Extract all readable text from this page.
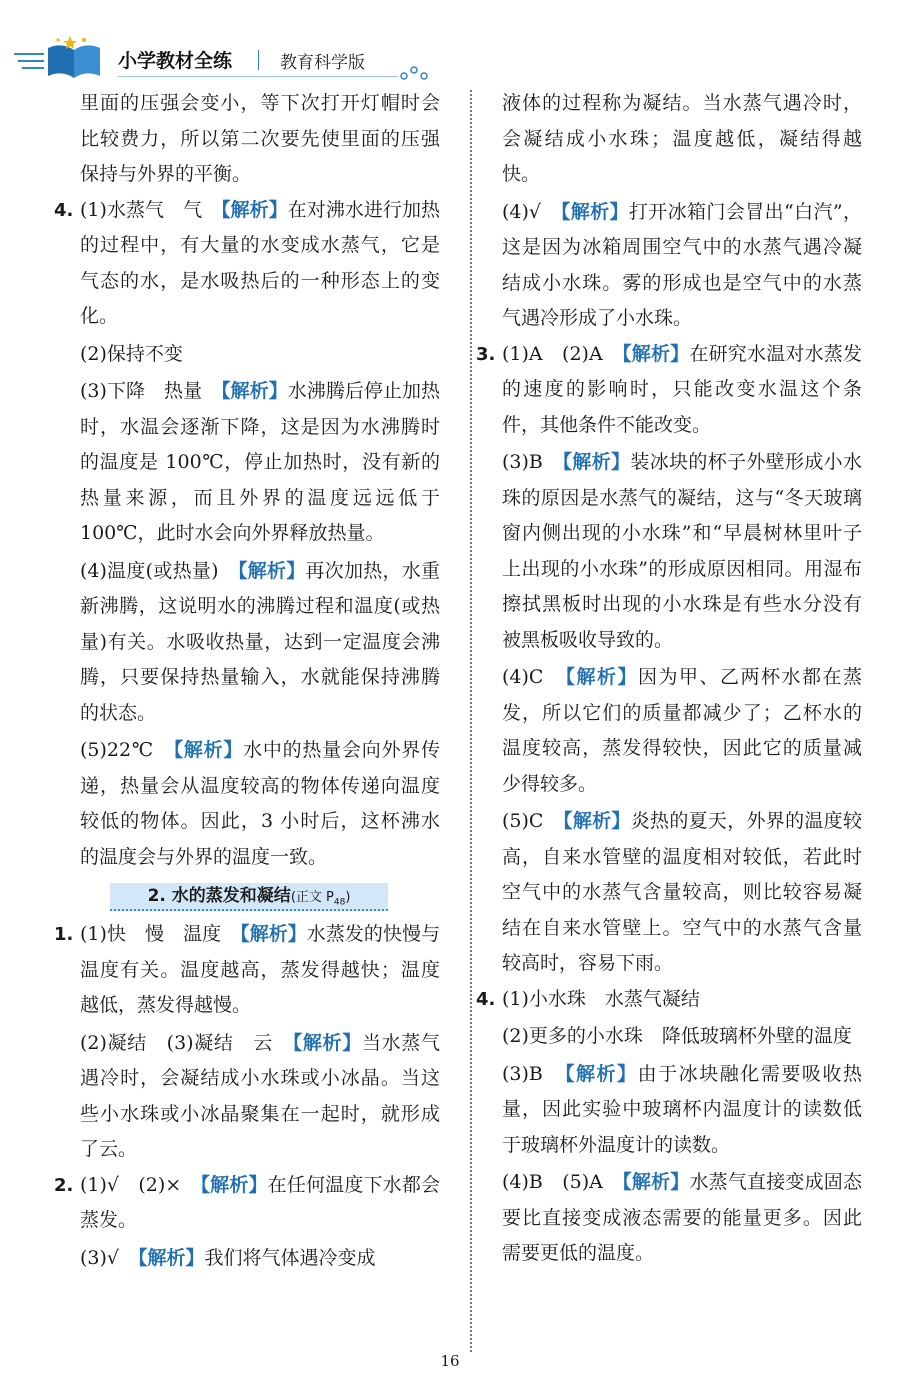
小学教材全练	教育科学版

里面的压强会变小，等下次打开灯帽时会比较费力，所以第二次要先使里面的压强保持与外界的平衡。

4. (1)水蒸气　气　【解析】在对沸水进行加热的过程中，有大量的水变成水蒸气，它是气态的水，是水吸热后的一种形态上的变化。

(2)保持不变

(3)下降　热量　【解析】水沸腾后停止加热时，水温会逐渐下降，这是因为水沸腾时的温度是 100℃，停止加热时，没有新的热量来源，而且外界的温度远远低于 100℃，此时水会向外界释放热量。

(4)温度(或热量)　【解析】再次加热，水重新沸腾，这说明水的沸腾过程和温度(或热量)有关。水吸收热量，达到一定温度会沸腾，只要保持热量输入，水就能保持沸腾的状态。

(5)22℃　【解析】水中的热量会向外界传递，热量会从温度较高的物体传递向温度较低的物体。因此，3 小时后，这杯沸水的温度会与外界的温度一致。

2. 水的蒸发和凝结(正文 $P_{48}$)
1. (1)快　慢　温度　【解析】水蒸发的快慢与温度有关。温度越高，蒸发得越快；温度越低，蒸发得越慢。

(2)凝结　(3)凝结　云　【解析】当水蒸气遇冷时，会凝结成小水珠或小冰晶。当这些小水珠或小冰晶聚集在一起时，就形成了云。

2. (1)√　(2)×　【解析】在任何温度下水都会蒸发。

(3)√　【解析】我们将气体遇冷变成

液体的过程称为凝结。当水蒸气遇冷时，会凝结成小水珠；温度越低，凝结得越快。

(4)√　【解析】打开冰箱门会冒出“白汽”，这是因为冰箱周围空气中的水蒸气遇冷凝结成小水珠。雾的形成也是空气中的水蒸气遇冷形成了小水珠。

3. (1)A　(2)A　【解析】在研究水温对水蒸发的速度的影响时，只能改变水温这个条件，其他条件不能改变。

(3)B　【解析】装冰块的杯子外壁形成小水珠的原因是水蒸气的凝结，这与“冬天玻璃窗内侧出现的小水珠”和“早晨树林里叶子上出现的小水珠”的形成原因相同。用湿布擦拭黑板时出现的小水珠是有些水分没有被黑板吸收导致的。

(4)C　【解析】因为甲、乙两杯水都在蒸发，所以它们的质量都减少了；乙杯水的温度较高，蒸发得较快，因此它的质量减少得较多。

(5)C　【解析】炎热的夏天，外界的温度较高，自来水管壁的温度相对较低，若此时空气中的水蒸气含量较高，则比较容易凝结在自来水管壁上。空气中的水蒸气含量较高时，容易下雨。

4. (1)小水珠　水蒸气凝结

(2)更多的小水珠　降低玻璃杯外壁的温度

(3)B　【解析】由于冰块融化需要吸收热量，因此实验中玻璃杯内温度计的读数低于玻璃杯外温度计的读数。

(4)B　(5)A　【解析】水蒸气直接变成固态要比直接变成液态需要的能量更多。因此需要更低的温度。

16
